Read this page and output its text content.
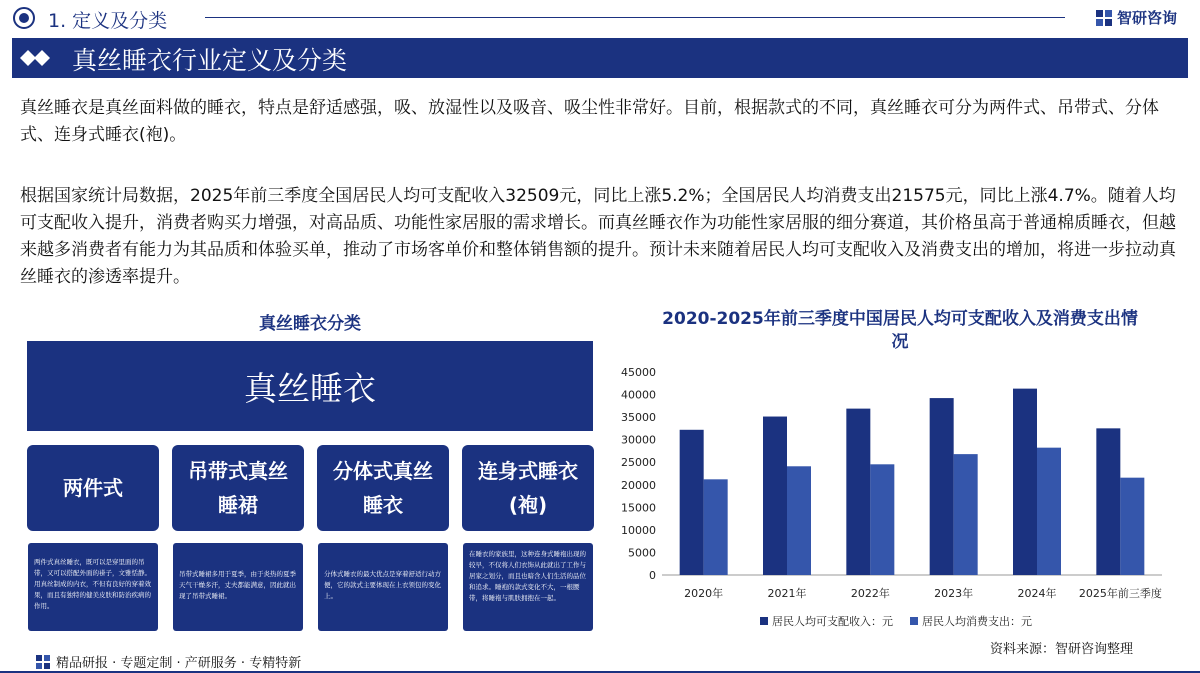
1. 定义及分类	智研咨询
真丝睡衣行业定义及分类
真丝睡衣是真丝面料做的睡衣，特点是舒适感强，吸、放湿性以及吸音、吸尘性非常好。目前，根据款式的不同，真丝睡衣可分为两件式、吊带式、分体式、连身式睡衣(袍)。
根据国家统计局数据，2025年前三季度全国居民人均可支配收入32509元，同比上涨5.2%；全国居民人均消费支出21575元，同比上涨4.7%。随着人均可支配收入提升，消费者购买力增强，对高品质、功能性家居服的需求增长。而真丝睡衣作为功能性家居服的细分赛道，其价格虽高于普通棉质睡衣，但越来越多消费者有能力为其品质和体验买单，推动了市场客单价和整体销售额的提升。预计未来随着居民人均可支配收入及消费支出的增加，将进一步拉动真丝睡衣的渗透率提升。
真丝睡衣分类
真丝睡衣
两件式
吊带式真丝睡裙
分体式真丝睡衣
连身式睡衣(袍)
两件式真丝睡衣，既可以是穿里面的吊带，又可以搭配外面的褂子，文雅恬静。用真丝制成的内衣，不但有良好的穿着效果，而且有独特的健美皮肤和防治疾病的作用。
吊带式睡裙多用于夏季，由于炎热的夏季天气干燥多汗，丈夫都能满意，因此就出现了吊带式睡裙。
分体式睡衣的最大优点是穿着舒适行动方便，它的款式主要体现在上衣领包的变化上。
在睡衣的家族里，这种连身式睡袍出现的较早，不仅将人们衣饰从此就出了工作与居家之划分，而且也暗含人们生活的品位和追求。睡袍的款式变化不大，一根腰带，将睡袍与肌肤拥抱在一起。
2020-2025年前三季度中国居民人均可支配收入及消费支出情况
0
5000
10000
15000
20000
25000
30000
35000
40000
45000
2020年	2021年	2022年	2023年	2024年 2025年前三季度
居民人均可支配收入：元	居民人均消费支出：元
资料来源：智研咨询整理
精品研报 · 专题定制 · 产研服务 · 专精特新
